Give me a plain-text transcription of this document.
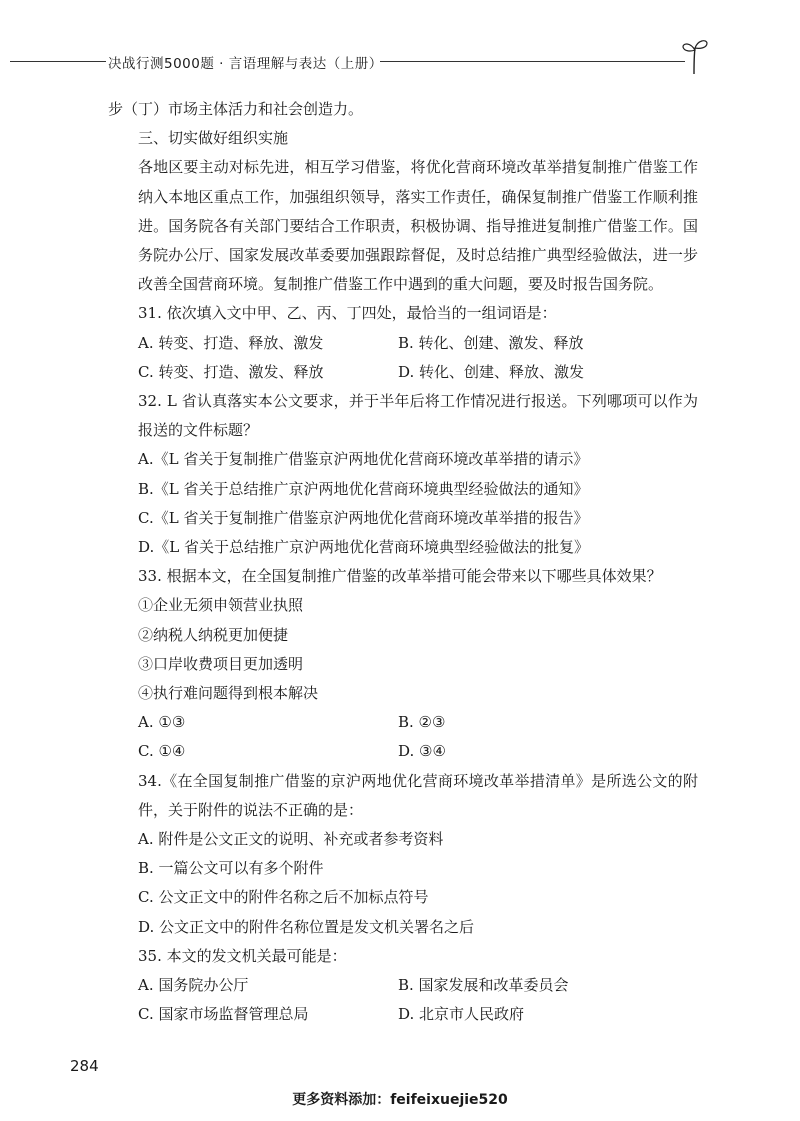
决战行测5000题 · 言语理解与表达（上册）

步（丁）市场主体活力和社会创造力。

三、切实做好组织实施

各地区要主动对标先进，相互学习借鉴，将优化营商环境改革举措复制推广借鉴工作纳入本地区重点工作，加强组织领导，落实工作责任，确保复制推广借鉴工作顺利推进。国务院各有关部门要结合工作职责，积极协调、指导推进复制推广借鉴工作。国务院办公厅、国家发展改革委要加强跟踪督促，及时总结推广典型经验做法，进一步改善全国营商环境。复制推广借鉴工作中遇到的重大问题，要及时报告国务院。

31. 依次填入文中甲、乙、丙、丁四处，最恰当的一组词语是：

A. 转变、打造、释放、激发	B. 转化、创建、激发、释放
C. 转变、打造、激发、释放	D. 转化、创建、释放、激发

32. L 省认真落实本公文要求，并于半年后将工作情况进行报送。下列哪项可以作为报送的文件标题？

A.《L 省关于复制推广借鉴京沪两地优化营商环境改革举措的请示》

B.《L 省关于总结推广京沪两地优化营商环境典型经验做法的通知》

C.《L 省关于复制推广借鉴京沪两地优化营商环境改革举措的报告》

D.《L 省关于总结推广京沪两地优化营商环境典型经验做法的批复》

33. 根据本文，在全国复制推广借鉴的改革举措可能会带来以下哪些具体效果？

①企业无须申领营业执照

②纳税人纳税更加便捷

③口岸收费项目更加透明

④执行难问题得到根本解决

A. ①③	B. ②③
C. ①④	D. ③④

34.《在全国复制推广借鉴的京沪两地优化营商环境改革举措清单》是所选公文的附件，关于附件的说法不正确的是：

A. 附件是公文正文的说明、补充或者参考资料

B. 一篇公文可以有多个附件

C. 公文正文中的附件名称之后不加标点符号

D. 公文正文中的附件名称位置是发文机关署名之后

35. 本文的发文机关最可能是：

A. 国务院办公厅	B. 国家发展和改革委员会
C. 国家市场监督管理总局	D. 北京市人民政府
284
更多资料添加：feifeixuejie520
